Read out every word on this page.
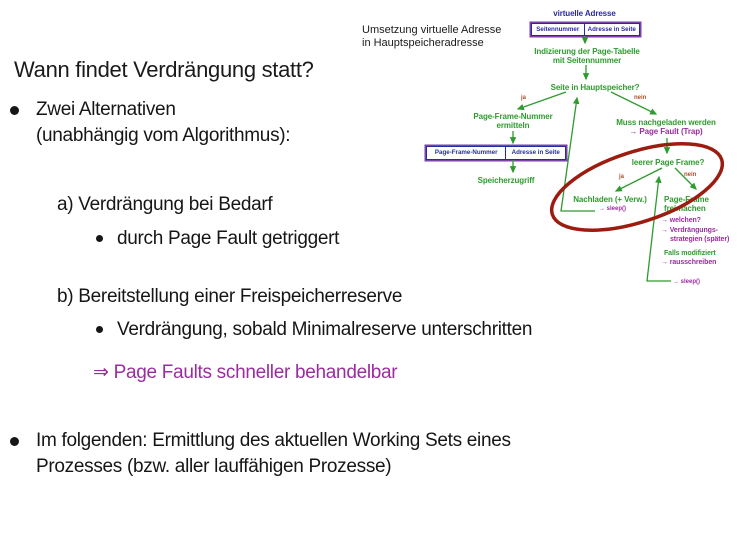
Wann findet Verdrängung statt?
Zwei Alternativen
(unabhängig vom Algorithmus):
a) Verdrängung bei Bedarf
durch Page Fault getriggert
b) Bereitstellung einer Freispeicherreserve
Verdrängung, sobald Minimalreserve unterschritten
⇒ Page Faults schneller behandelbar
Im folgenden: Ermittlung des aktuellen Working Sets eines
Prozesses (bzw. aller lauffähigen Prozesse)
Umsetzung virtuelle Adresse
in Hauptspeicheradresse
virtuelle Adresse
Seitennummer	Adresse in Seite
Indizierung der Page-Tabelle
mit Seitennummer
Seite in Hauptspeicher?
ja	nein
Page-Frame-Nummer
ermitteln
Page-Frame-Nummer	Adresse in Seite
Speicherzugriff
Muss nachgeladen werden
→ Page Fault (Trap)
leerer Page Frame?
ja	nein
Nachladen (+ Verw.)
→ sleep()
Page-Frame
freimachen
→ welchen?
→ Verdrängungs-
strategien (später)
Falls modifiziert
→ rausschreiben
→ sleep()
